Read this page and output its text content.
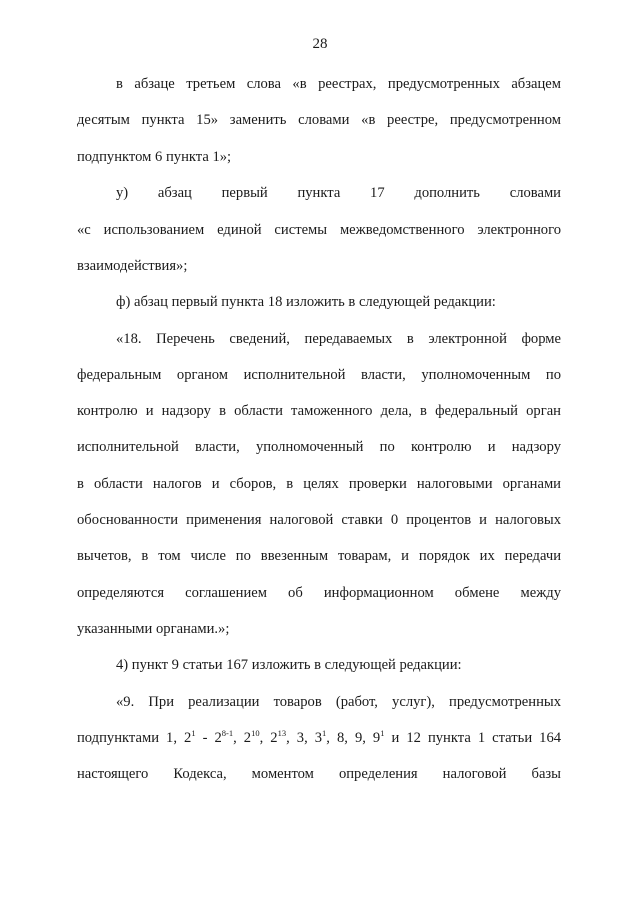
28
в абзаце третьем слова «в реестрах, предусмотренных абзацем
десятым пункта 15» заменить словами «в реестре, предусмотренном
подпунктом 6 пункта 1»;
у) абзац первый пункта 17 дополнить словами
«с использованием единой системы межведомственного электронного
взаимодействия»;
ф) абзац первый пункта 18 изложить в следующей редакции:
«18. Перечень сведений, передаваемых в электронной форме
федеральным органом исполнительной власти, уполномоченным по
контролю и надзору в области таможенного дела, в федеральный орган
исполнительной власти, уполномоченный по контролю и надзору
в области налогов и сборов, в целях проверки налоговыми органами
обоснованности применения налоговой ставки 0 процентов и налоговых
вычетов, в том числе по ввезенным товарам, и порядок их передачи
определяются соглашением об информационном обмене между
указанными органами.»;
4) пункт 9 статьи 167 изложить в следующей редакции:
«9. При реализации товаров (работ, услуг), предусмотренных
подпунктами 1, $2^1 - 2^{8-1}$, $2^{10}$, $2^{13}$, 3, $3^1$, 8, 9, $9^1$ и 12 пункта 1 статьи 164
настоящего Кодекса, моментом определения налоговой базы
